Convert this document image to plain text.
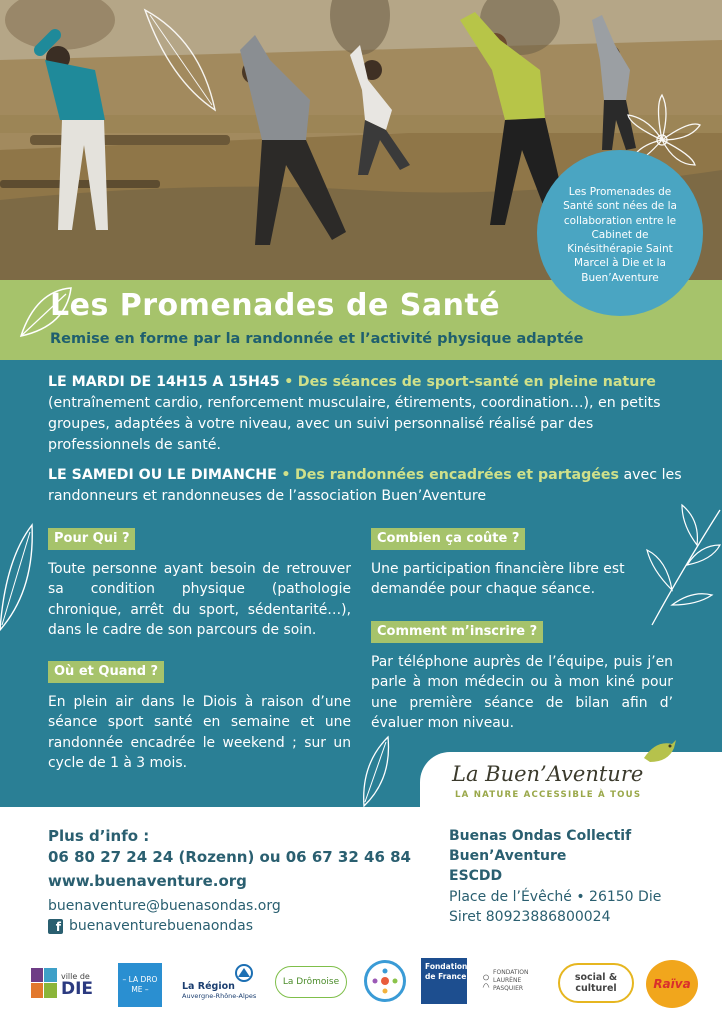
Les Promenades de Santé sont nées de la collaboration entre le Cabinet de Kinésithérapie Saint Marcel à Die et la Buen’Aventure
Les Promenades de Santé
Remise en forme par la randonnée et l’activité physique adaptée
LE MARDI DE 14H15 A 15H45 • Des séances de sport-santé en pleine nature (entraînement cardio, renforcement musculaire, étirements, coordination…), en petits groupes, adaptées à votre niveau, avec un suivi personnalisé réalisé par des professionnels de santé.
LE SAMEDI OU LE DIMANCHE • Des randonnées encadrées et partagées avec les randonneurs et randonneuses de l’association Buen’Aventure
Pour Qui ?
Toute personne ayant besoin de retrouver sa condition physique (pathologie chronique, arrêt du sport, sédentarité…), dans le cadre de son parcours de soin.
Où et Quand ?
En plein air dans le Diois à raison d’une séance sport santé en semaine et une randonnée encadrée le weekend ; sur un cycle de 1 à 3 mois.
Combien ça coûte ?
Une participation financière libre est demandée pour chaque séance.
Comment m’inscrire ?
Par téléphone auprès de l’équipe, puis j’en parle à mon médecin ou à mon kiné pour une première séance de bilan afin d’ évaluer mon niveau.
La Buen’Aventure
LA NATURE ACCESSIBLE À TOUS
Plus d’info :
06 80 27 24 24 (Rozenn) ou 06 67 32 46 84
www.buenaventure.org
buenaventure@buenasondas.org
f buenaventurebuenaondas
Buenas Ondas Collectif
Buen’Aventure
ESCDD
Place de l’Évêché • 26150 Die
Siret 80923886800024
ville de
DIE	– LA DRO ME –	La Région
Auvergne-Rhône-Alpes
La Drômoise
Fondation de France	FONDATION LAURÈNE PASQUIER
social & culturel	Raïva
